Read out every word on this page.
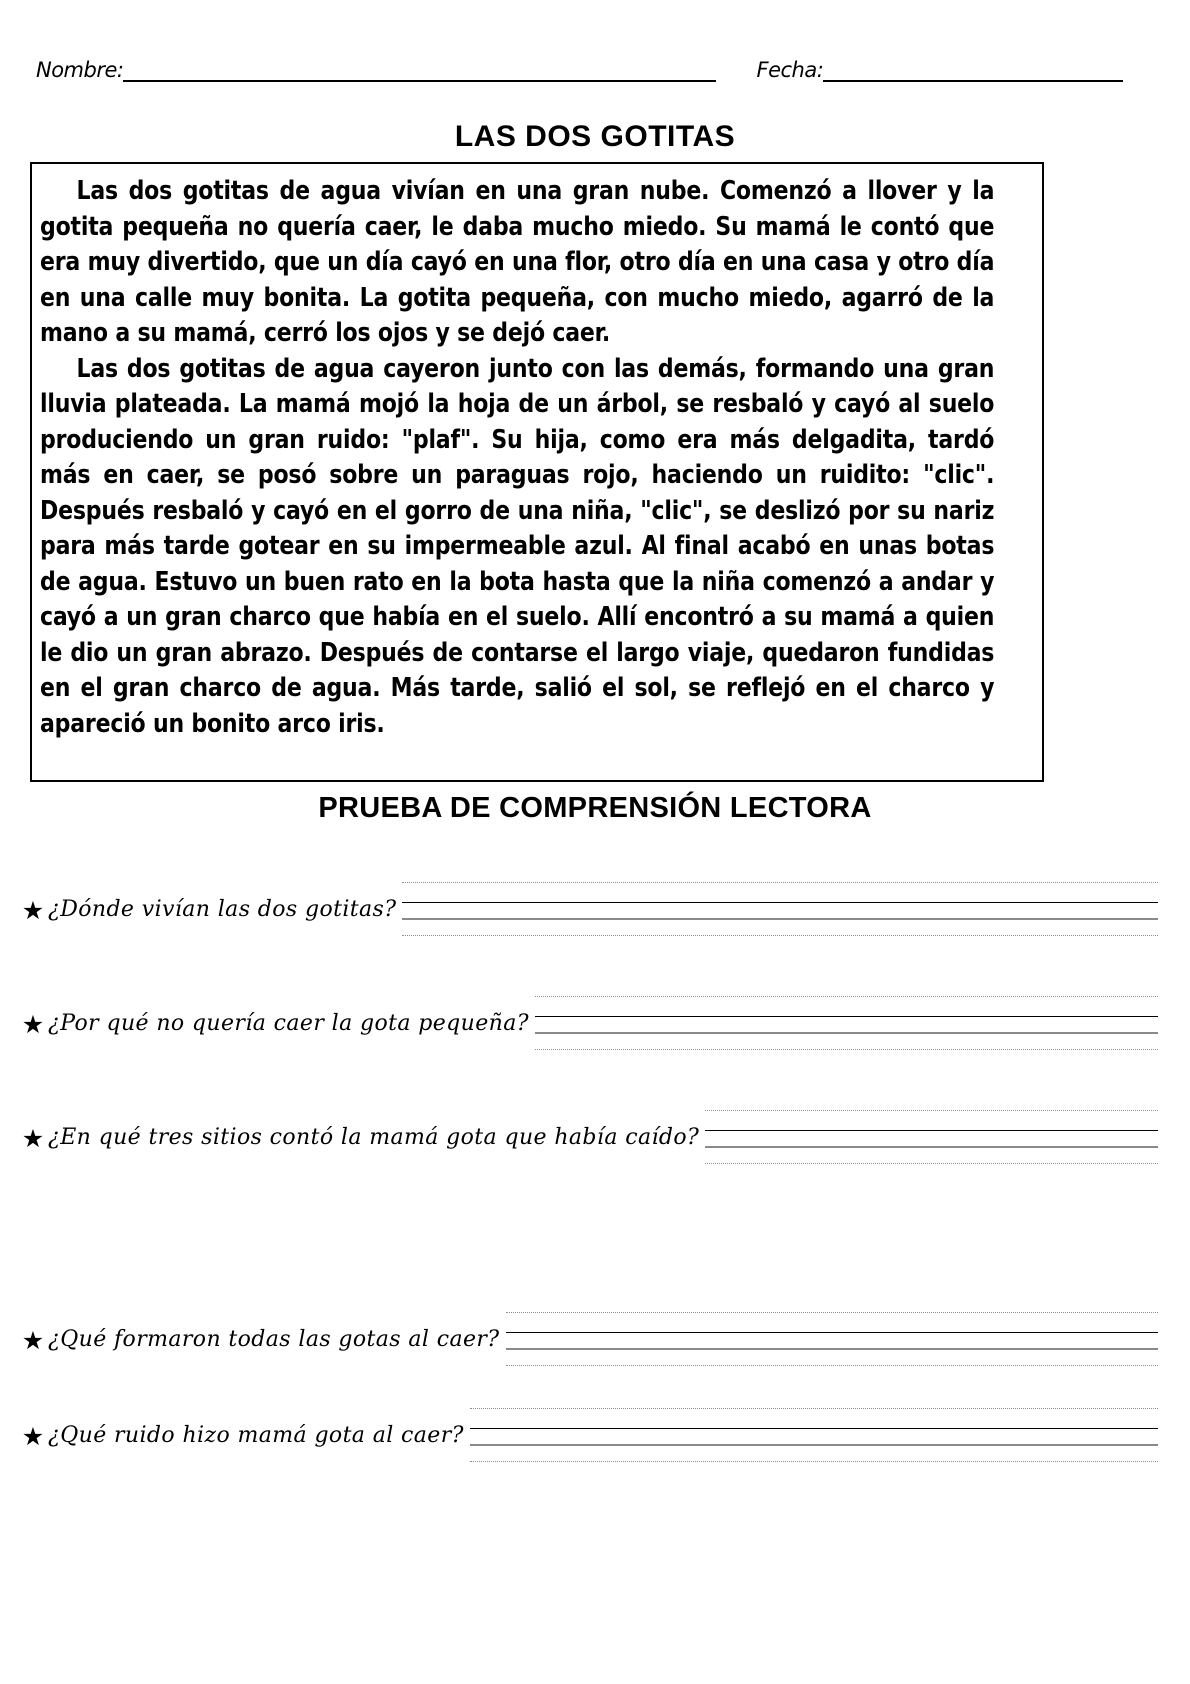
Nombre:	Fecha:
LAS DOS GOTITAS

Las dos gotitas de agua vivían en una gran nube. Comenzó a llover y la gotita pequeña no quería caer, le daba mucho miedo. Su mamá le contó que era muy divertido, que un día cayó en una flor, otro día en una casa y otro día en una calle muy bonita. La gotita pequeña, con mucho miedo, agarró de la mano a su mamá, cerró los ojos y se dejó caer.

Las dos gotitas de agua cayeron junto con las demás, formando una gran lluvia plateada. La mamá mojó la hoja de un árbol, se resbaló y cayó al suelo produciendo un gran ruido: "plaf". Su hija, como era más delgadita, tardó más en caer, se posó sobre un paraguas rojo, haciendo un ruidito: "clic". Después resbaló y cayó en el gorro de una niña, "clic", se deslizó por su nariz para más tarde gotear en su impermeable azul. Al final acabó en unas botas de agua. Estuvo un buen rato en la bota hasta que la niña comenzó a andar y cayó a un gran charco que había en el suelo. Allí encontró a su mamá a quien le dio un gran abrazo. Después de contarse el largo viaje, quedaron fundidas en el gran charco de agua. Más tarde, salió el sol, se reflejó en el charco y apareció un bonito arco iris.

PRUEBA DE COMPRENSIÓN LECTORA
★ ¿Dónde vivían las dos gotitas?
★ ¿Por qué no quería caer la gota pequeña?
★ ¿En qué tres sitios contó la mamá gota que había caído?
★ ¿Qué formaron todas las gotas al caer?
★ ¿Qué ruido hizo mamá gota al caer?
